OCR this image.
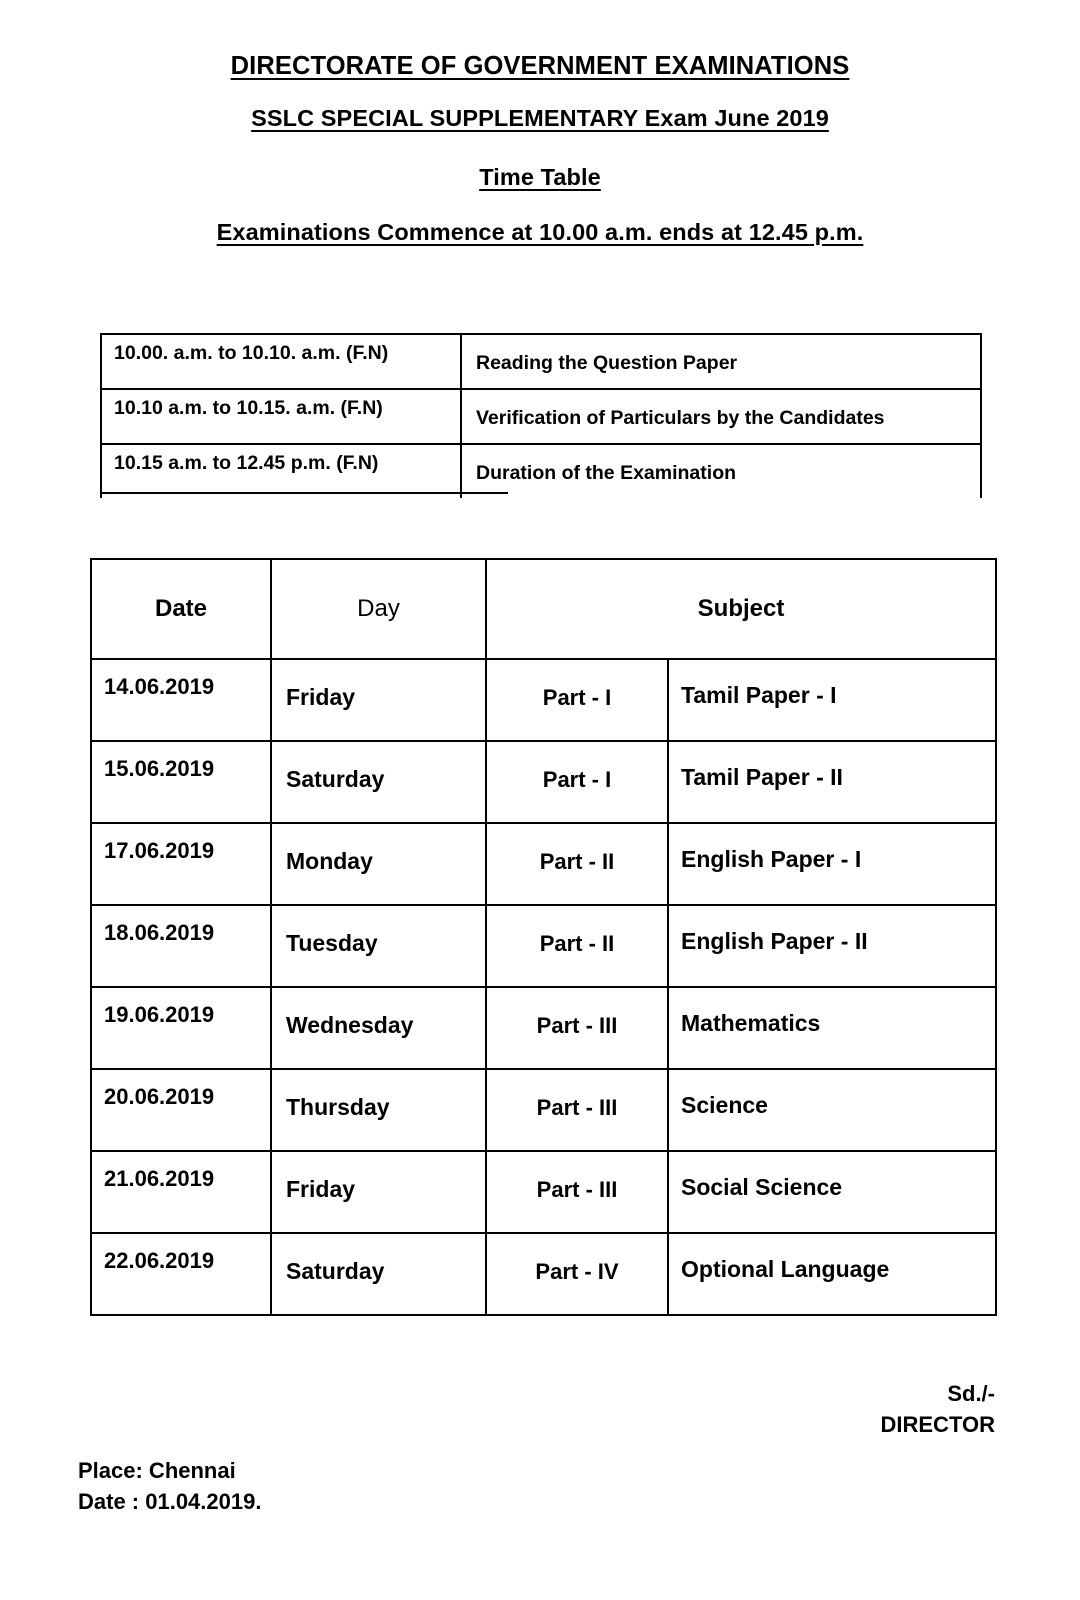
DIRECTORATE OF GOVERNMENT EXAMINATIONS
SSLC SPECIAL SUPPLEMENTARY Exam June 2019
Time Table
Examinations Commence at 10.00 a.m. ends at 12.45 p.m.
10.00. a.m. to 10.10. a.m. (F.N)	Reading the Question Paper
10.10 a.m. to 10.15. a.m. (F.N)	Verification of Particulars by the Candidates
10.15 a.m. to 12.45 p.m. (F.N)	Duration of the Examination
Date	Day	Subject	
14.06.2019	Friday	Part - I	Tamil Paper - I
15.06.2019	Saturday	Part - I	Tamil Paper - II
17.06.2019	Monday	Part - II	English Paper - I
18.06.2019	Tuesday	Part - II	English Paper - II
19.06.2019	Wednesday	Part - III	Mathematics
20.06.2019	Thursday	Part - III	Science
21.06.2019	Friday	Part - III	Social Science
22.06.2019	Saturday	Part - IV	Optional Language
Sd./-
DIRECTOR
Place: Chennai
Date : 01.04.2019.
